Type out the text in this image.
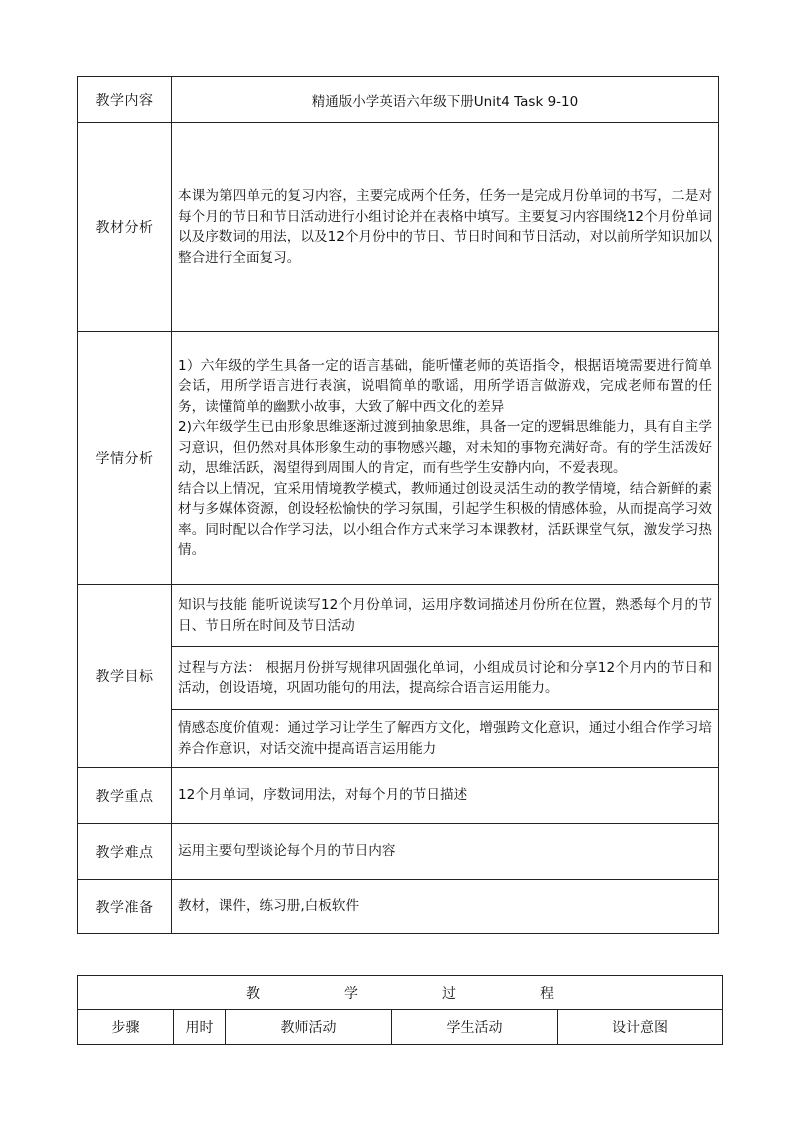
教学内容	精通版小学英语六年级下册Unit4 Task 9-10
教材分析	本课为第四单元的复习内容，主要完成两个任务，任务一是完成月份单词的书写，二是对每个月的节日和节日活动进行小组讨论并在表格中填写。主要复习内容围绕12个月份单词以及序数词的用法，以及12个月份中的节日、节日时间和节日活动，对以前所学知识加以整合进行全面复习。
学情分析	1）六年级的学生具备一定的语言基础，能听懂老师的英语指令，根据语境需要进行简单会话，用所学语言进行表演，说唱简单的歌谣，用所学语言做游戏，完成老师布置的任务，读懂简单的幽默小故事，大致了解中西文化的差异

2)六年级学生已由形象思维逐渐过渡到抽象思维，具备一定的逻辑思维能力，具有自主学习意识，但仍然对具体形象生动的事物感兴趣，对未知的事物充满好奇。有的学生活泼好动，思维活跃，渴望得到周围人的肯定，而有些学生安静内向，不爱表现。

结合以上情况，宜采用情境教学模式，教师通过创设灵活生动的教学情境，结合新鲜的素材与多媒体资源，创设轻松愉快的学习氛围，引起学生积极的情感体验，从而提高学习效率。同时配以合作学习法，以小组合作方式来学习本课教材，活跃课堂气氛，激发学习热情。

教学目标	知识与技能 能听说读写12个月份单词，运用序数词描述月份所在位置，熟悉每个月的节日、节日所在时间及节日活动
	过程与方法： 根据月份拼写规律巩固强化单词，小组成员讨论和分享12个月内的节日和活动，创设语境，巩固功能句的用法，提高综合语言运用能力。
	情感态度价值观：通过学习让学生了解西方文化，增强跨文化意识，通过小组合作学习培养合作意识，对话交流中提高语言运用能力
教学重点	12个月单词，序数词用法，对每个月的节日描述
教学难点	运用主要句型谈论每个月的节日内容
教学准备	教材，课件，练习册,白板软件
教	学	过	程
步骤	用时	教师活动	学生活动	设计意图
